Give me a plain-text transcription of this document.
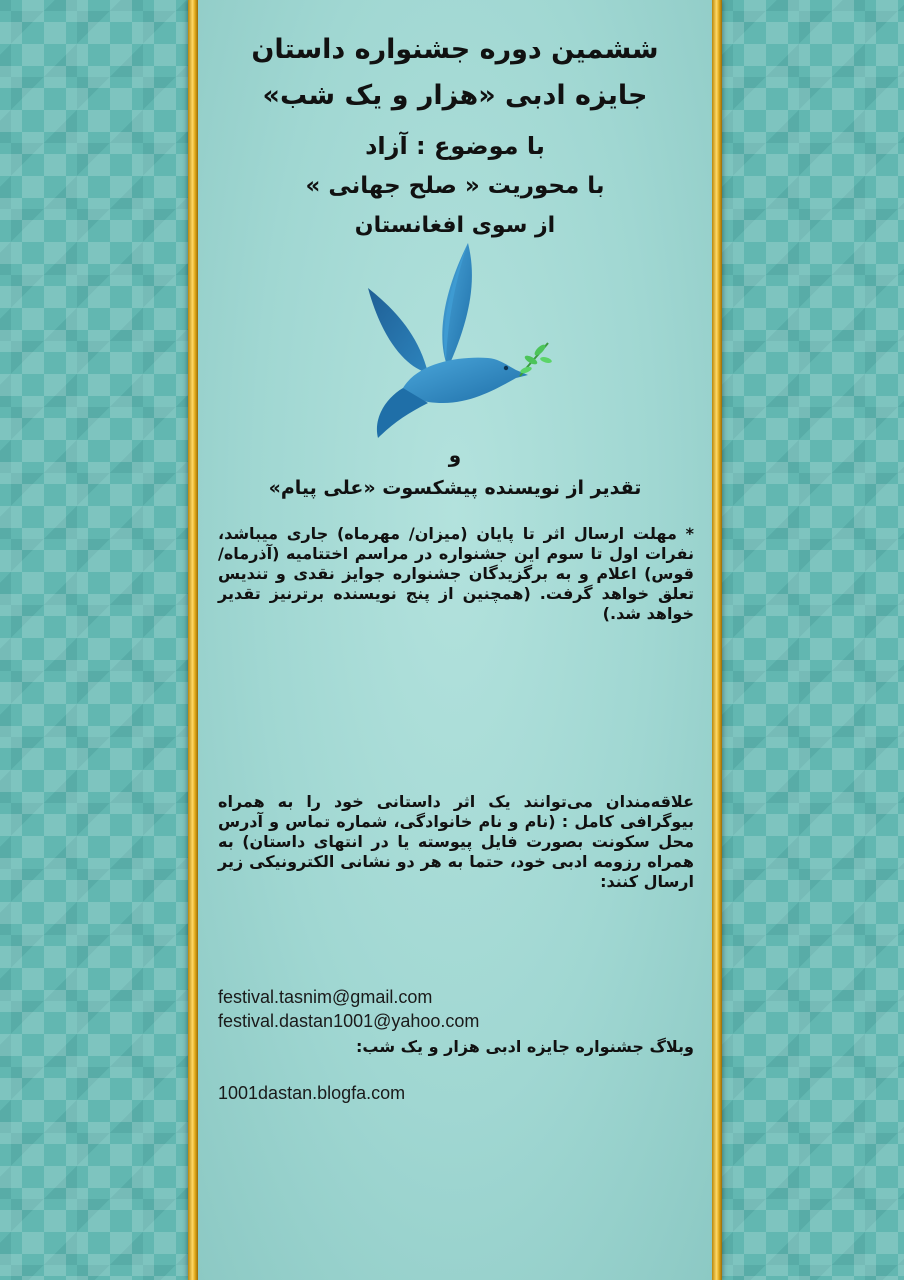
ششمین دوره جشنواره داستان
جایزه ادبی «هزار و یک شب»
با موضوع : آزاد
با محوریت « صلح جهانی »
از سوی افغانستان
و
تقدیر از نویسنده پیشکسوت «علی پیام»
* مهلت ارسال اثر تا پایان (میزان/ مهرماه) جاری میباشد، نفرات اول تا سوم این جشنواره در مراسم اختتامیه (آذرماه/ قوس) اعلام و به برگزیدگان جشنواره جوایز نقدی و تندیس تعلق خواهد گرفت. (همچنین از پنج نویسنده برترنیز تقدیر خواهد شد.)
علاقه‌مندان می‌توانند یک اثر داستانی خود را به همراه بیوگرافی کامل : (نام و نام خانوادگی، شماره تماس و آدرس محل سکونت بصورت فایل پیوسته یا در انتهای داستان) به همراه رزومه ادبی خود، حتما به هر دو نشانی الکترونیکی زیر ارسال کنند:
festival.tasnim@gmail.com
festival.dastan1001@yahoo.com
وبلاگ جشنواره جایزه ادبی هزار و یک شب:
1001dastan.blogfa.com
